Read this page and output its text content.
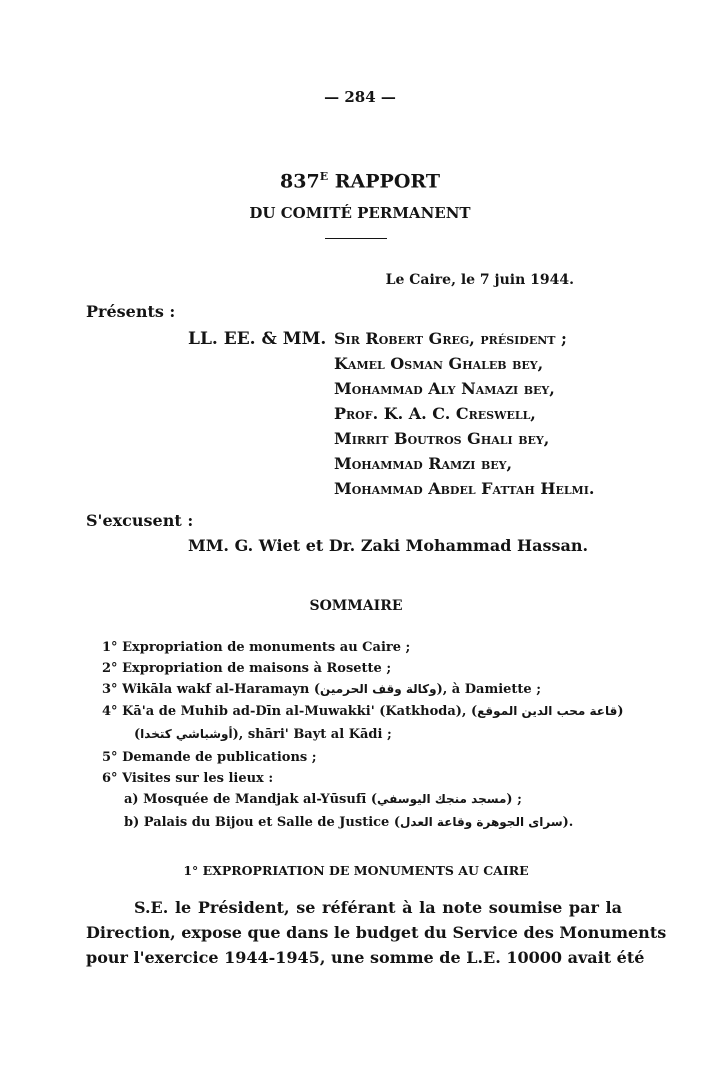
— 284 —
$837^E$ RAPPORT
DU COMITÉ PERMANENT
Le Caire, le 7 juin 1944.
Présents :
LL. EE. & MM. Sir Robert Greg, président ;
Kamel Osman Ghaleb bey,
Mohammad Aly Namazi bey,
Prof. K. A. C. Creswell,
Mirrit Boutros Ghali bey,
Mohammad Ramzi bey,
Mohammad Abdel Fattah Helmi.
S'excusent :
MM. G. Wiet et Dr. Zaki Mohammad Hassan.
SOMMAIRE
1° Expropriation de monuments au Caire ;
2° Expropriation de maisons à Rosette ;
3° Wikāla wakf al-Haramayn (وكالة وقف الحرمين), à Damiette ;
4° Kā'a de Muhib ad-Dīn al-Muwakki' (Katkhoda), (قاعة محب الدين الموقع)
(أوشباشي كتخدا), shāri' Bayt al Kādi ;
5° Demande de publications ;
6° Visites sur les lieux :
a) Mosquée de Mandjak al-Yūsufī (مسجد منجك اليوسفي) ;
b) Palais du Bijou et Salle de Justice (سراى الجوهرة وقاعة العدل).
1° EXPROPRIATION DE MONUMENTS AU CAIRE
S.E. le Président, se référant à la note soumise par la
Direction, expose que dans le budget du Service des Monuments
pour l'exercice 1944-1945, une somme de L.E. 10000 avait été
